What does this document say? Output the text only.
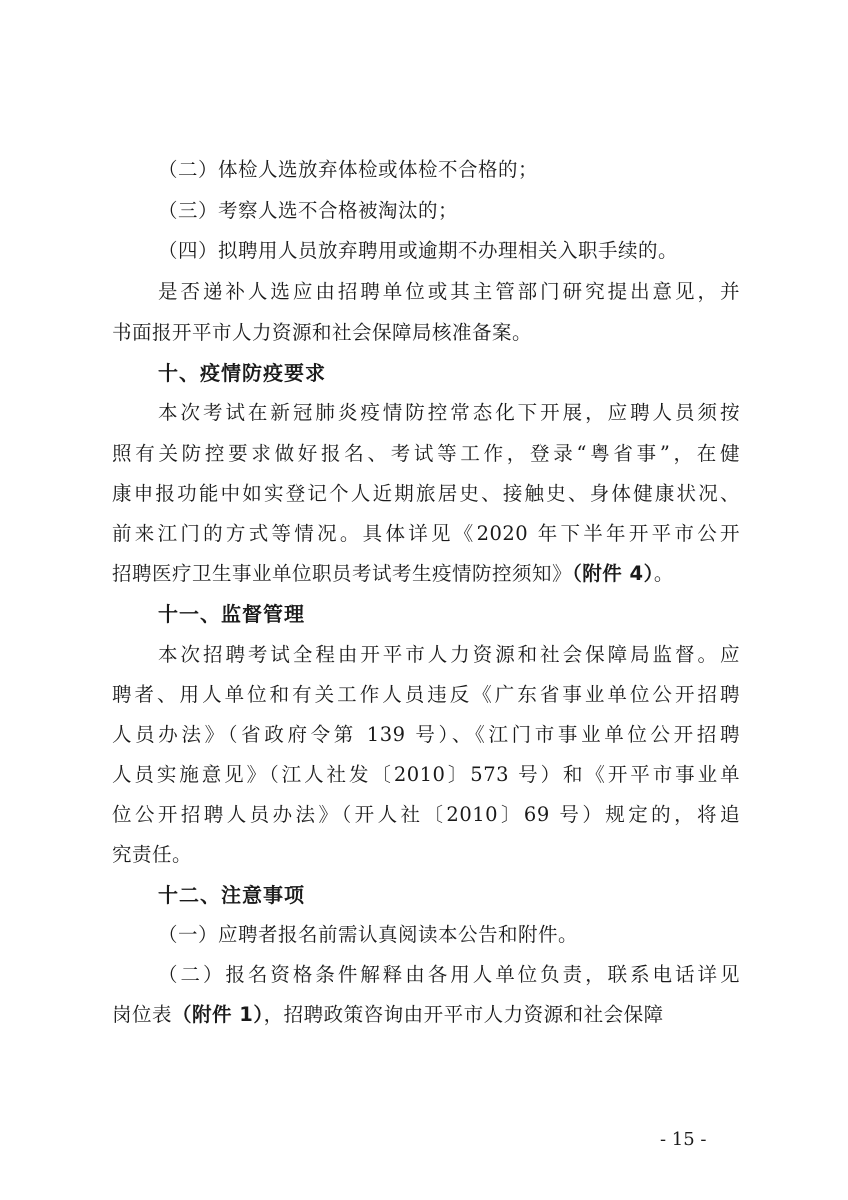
（二）体检人选放弃体检或体检不合格的；
（三）考察人选不合格被淘汰的；
（四）拟聘用人员放弃聘用或逾期不办理相关入职手续的。
是否递补人选应由招聘单位或其主管部门研究提出意见，并
书面报开平市人力资源和社会保障局核准备案。
十、疫情防疫要求
本次考试在新冠肺炎疫情防控常态化下开展，应聘人员须按
照有关防控要求做好报名、考试等工作，登录“粤省事”，在健
康申报功能中如实登记个人近期旅居史、接触史、身体健康状况、
前来江门的方式等情况。具体详见《2020 年下半年开平市公开
招聘医疗卫生事业单位职员考试考生疫情防控须知》（附件 4）。
十一、监督管理
本次招聘考试全程由开平市人力资源和社会保障局监督。应
聘者、用人单位和有关工作人员违反《广东省事业单位公开招聘
人员办法》（省政府令第 139 号）、《江门市事业单位公开招聘
人员实施意见》（江人社发〔2010〕573 号）和《开平市事业单
位公开招聘人员办法》（开人社〔2010〕69 号）规定的，将追
究责任。
十二、注意事项
（一）应聘者报名前需认真阅读本公告和附件。
（二）报名资格条件解释由各用人单位负责，联系电话详见
岗位表（附件 1），招聘政策咨询由开平市人力资源和社会保障
- 15 -
